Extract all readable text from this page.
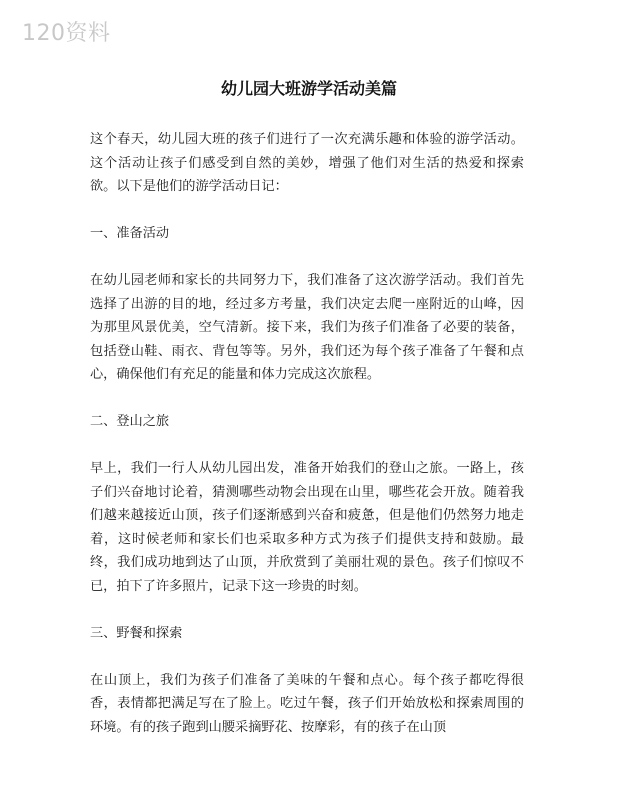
120资料
幼儿园大班游学活动美篇

这个春天，幼儿园大班的孩子们进行了一次充满乐趣和体验的游学活动。这个活动让孩子们感受到自然的美妙，增强了他们对生活的热爱和探索欲。以下是他们的游学活动日记：

一、准备活动

在幼儿园老师和家长的共同努力下，我们准备了这次游学活动。我们首先选择了出游的目的地，经过多方考量，我们决定去爬一座附近的山峰，因为那里风景优美，空气清新。接下来，我们为孩子们准备了必要的装备，包括登山鞋、雨衣、背包等等。另外，我们还为每个孩子准备了午餐和点心，确保他们有充足的能量和体力完成这次旅程。

二、登山之旅

早上，我们一行人从幼儿园出发，准备开始我们的登山之旅。一路上，孩子们兴奋地讨论着，猜测哪些动物会出现在山里，哪些花会开放。随着我们越来越接近山顶，孩子们逐渐感到兴奋和疲惫，但是他们仍然努力地走着，这时候老师和家长们也采取多种方式为孩子们提供支持和鼓励。最终，我们成功地到达了山顶，并欣赏到了美丽壮观的景色。孩子们惊叹不已，拍下了许多照片，记录下这一珍贵的时刻。

三、野餐和探索

在山顶上，我们为孩子们准备了美味的午餐和点心。每个孩子都吃得很香，表情都把满足写在了脸上。吃过午餐，孩子们开始放松和探索周围的环境。有的孩子跑到山腰采摘野花、按摩彩，有的孩子在山顶
